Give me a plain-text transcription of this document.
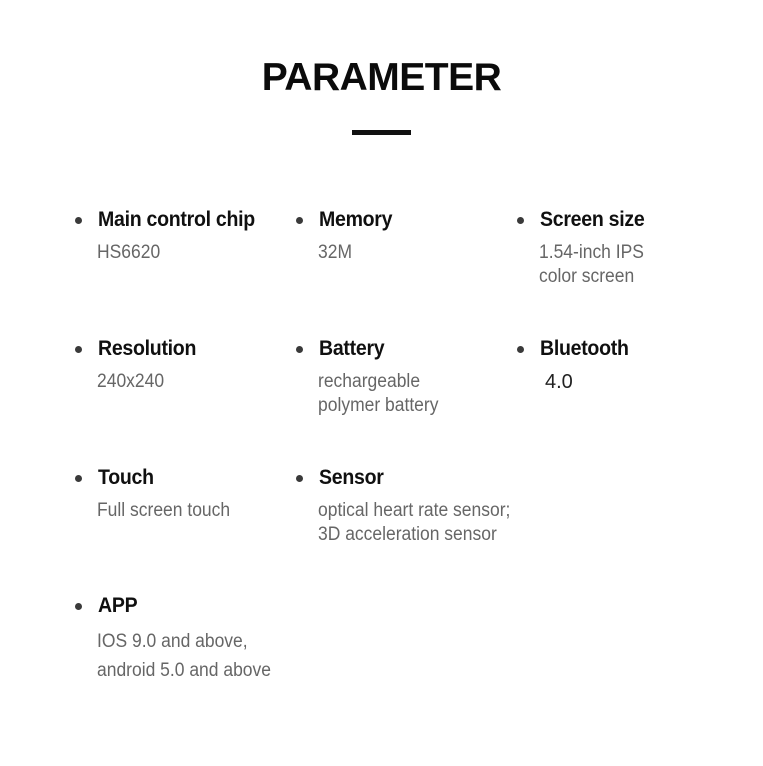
PARAMETER
Main control chip
HS6620
Memory
32M
Screen size
1.54-inch IPS
color screen
Resolution
240x240
Battery
rechargeable
polymer battery
Bluetooth
4.0
Touch
Full screen touch
Sensor
optical heart rate sensor;
3D acceleration sensor
APP
IOS 9.0 and above,
android 5.0 and above
